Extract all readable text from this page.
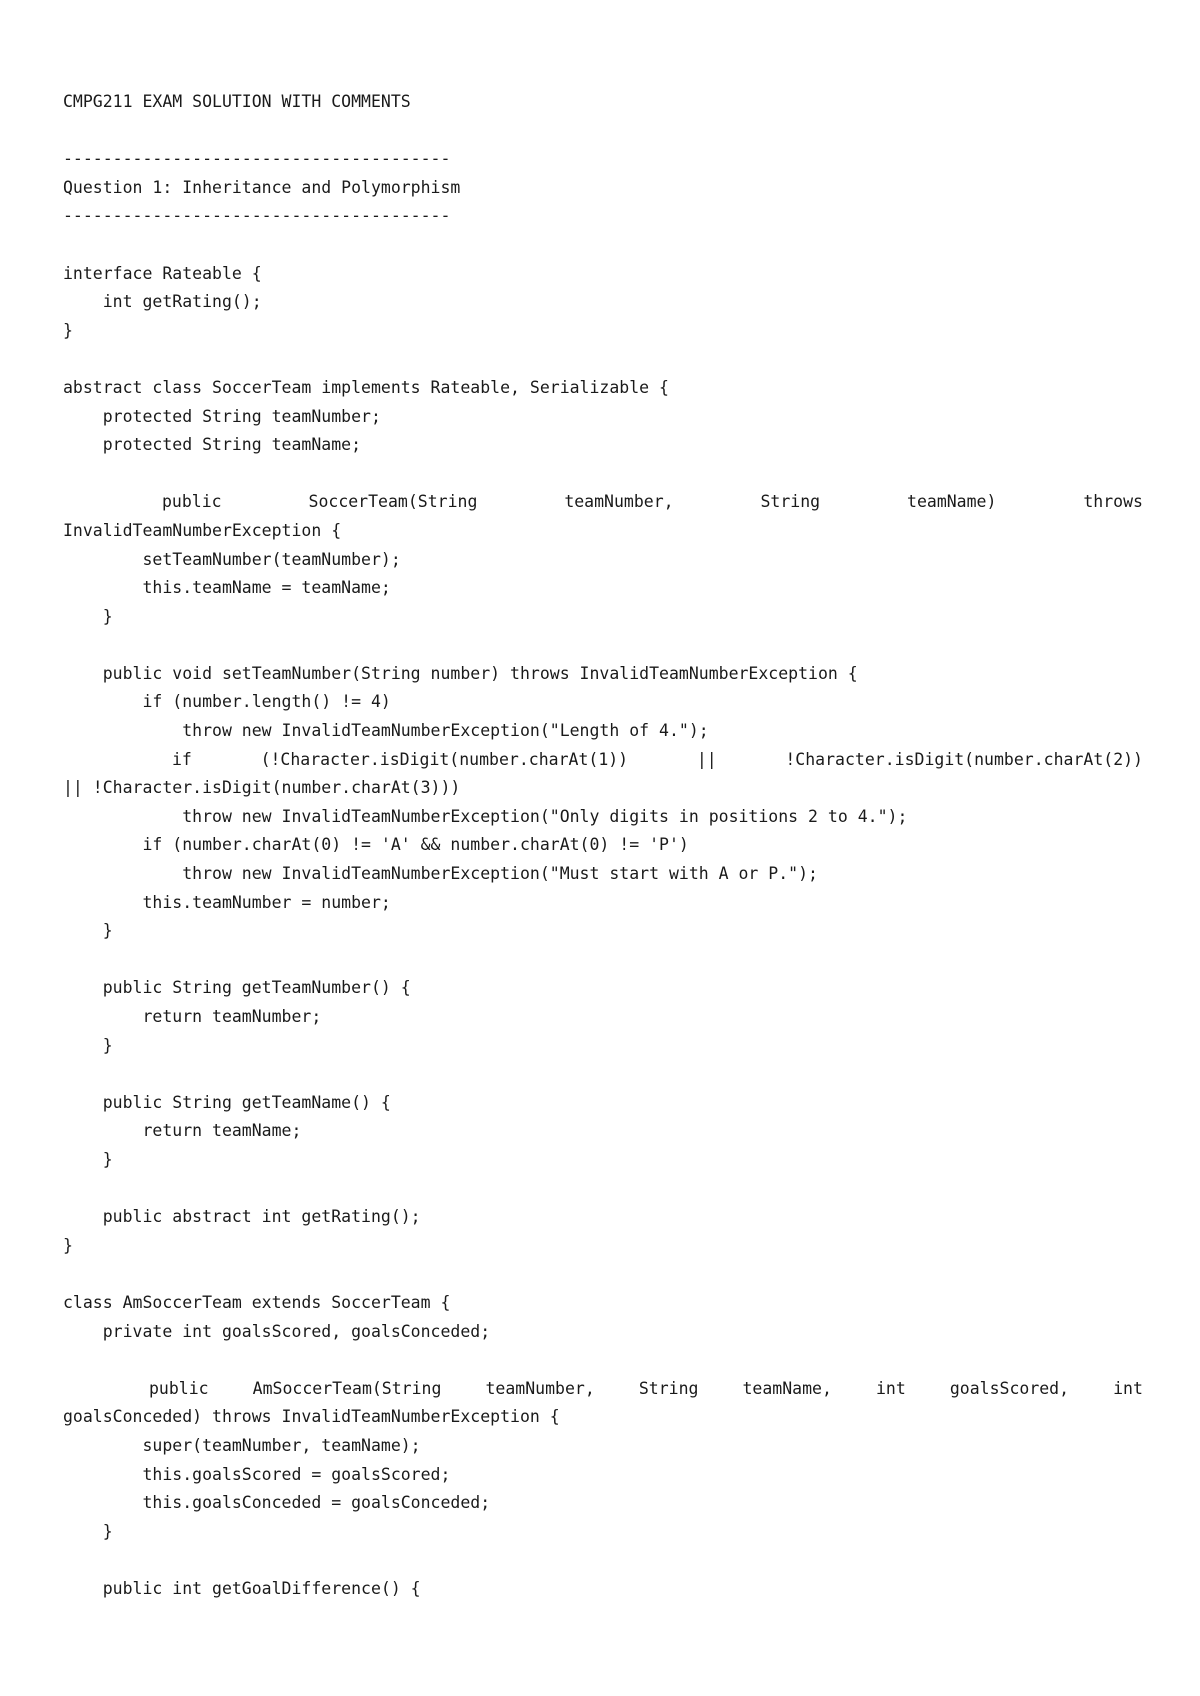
CMPG211 EXAM SOLUTION WITH COMMENTS
---------------------------------------
Question 1: Inheritance and Polymorphism
---------------------------------------
interface Rateable {
int getRating();
}
abstract class SoccerTeam implements Rateable, Serializable {
protected String teamNumber;
protected String teamName;
public	SoccerTeam(String	teamNumber,	String	teamName)	throws
InvalidTeamNumberException {
setTeamNumber(teamNumber);
this.teamName = teamName;
}
public void setTeamNumber(String number) throws InvalidTeamNumberException {
if (number.length() != 4)
throw new InvalidTeamNumberException("Length of 4.");
if	(!Character.isDigit(number.charAt(1))	||	!Character.isDigit(number.charAt(2))
|| !Character.isDigit(number.charAt(3)))
throw new InvalidTeamNumberException("Only digits in positions 2 to 4.");
if (number.charAt(0) != 'A' && number.charAt(0) != 'P')
throw new InvalidTeamNumberException("Must start with A or P.");
this.teamNumber = number;
}
public String getTeamNumber() {
return teamNumber;
}
public String getTeamName() {
return teamName;
}
public abstract int getRating();
}
class AmSoccerTeam extends SoccerTeam {
private int goalsScored, goalsConceded;
public	AmSoccerTeam(String	teamNumber,	String	teamName,	int	goalsScored,	int
goalsConceded) throws InvalidTeamNumberException {
super(teamNumber, teamName);
this.goalsScored = goalsScored;
this.goalsConceded = goalsConceded;
}
public int getGoalDifference() {
